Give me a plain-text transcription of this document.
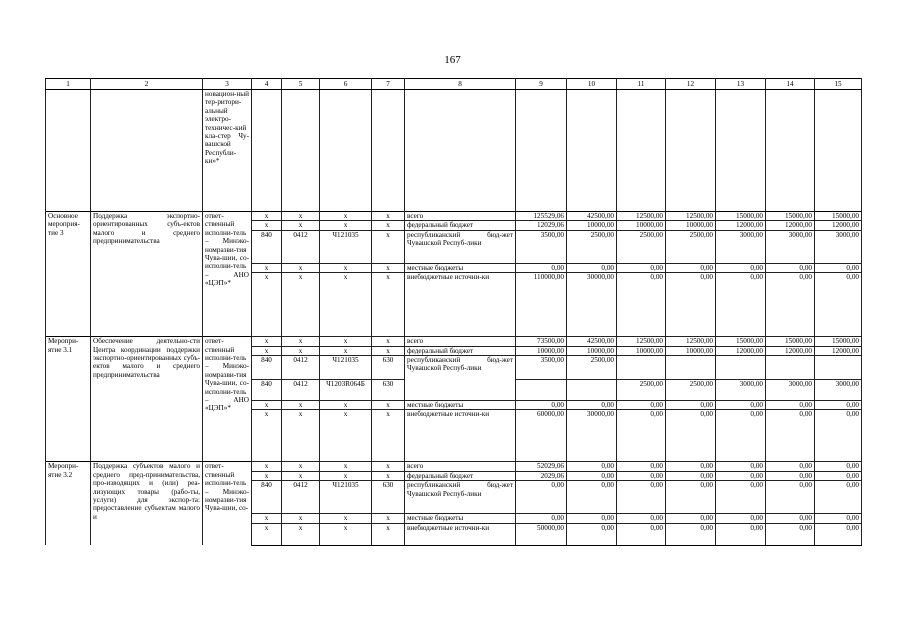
167
1	2	3	4	5	6	7	8	9	10	11	12	13	14	15
		новацион-ный тер-ритори-альный электро-техничес-кий кла-стер Чу-вашской Республи-ки»*												
Основное мероприя-тие 3	Поддержка экспортно-ориентированных субъ-ектов малого и среднего предпринимательства	ответ-ственный исполни-тель – Минэко-номразви-тия Чува-шии, со-исполни-тель – АНО «ЦЭП»*	х	х	х	х	всего	125529,06	42500,00	12500,00	12500,00	15000,00	15000,00	15000,00
			х	х	х	х	федеральный бюджет	12029,06	10000,00	10000,00	10000,00	12000,00	12000,00	12000,00
			840	0412	Ч121035	х	республиканский бюд-жет Чувашской Респуб-лики	3500,00	2500,00	2500,00	2500,00	3000,00	3000,00	3000,00
			х	х	х	х	местные бюджеты	0,00	0,00	0,00	0,00	0,00	0,00	0,00
			х	х	х	х	внебюджетные источни-ки	110000,00	30000,00	0,00	0,00	0,00	0,00	0,00
Меропри-ятие 3.1	Обеспечение деятельно-сти Центра координации поддержки экспортно-ориентированных субъ-ектов малого и среднего предпринимательства	ответ-ственный исполни-тель – Минэко-номразви-тия Чува-шии, со-исполни-тель – АНО «ЦЭП»*	х	х	х	х	всего	73500,00	42500,00	12500,00	12500,00	15000,00	15000,00	15000,00
			х	х	х	х	федеральный бюджет	10000,00	10000,00	10000,00	10000,00	12000,00	12000,00	12000,00
			840	0412	Ч121035	630	республиканский бюд-жет Чувашской Респуб-лики	3500,00	2500,00					
			840	0412	Ч1203R064Б	630				2500,00	2500,00	3000,00	3000,00	3000,00
			х	х	х	х	местные бюджеты	0,00	0,00	0,00	0,00	0,00	0,00	0,00
			х	х	х	х	внебюджетные источни-ки	60000,00	30000,00	0,00	0,00	0,00	0,00	0,00
Меропри-ятие 3.2	Поддержка субъектов малого и среднего пред-принимательства, про-изводящих и (или) реа-лизующих товары (рабо-ты, услуги) для экспор-та: предоставление субъектам малого и	ответ-ственный исполни-тель – Минэко-номразви-тия Чува-шии, со-	х	х	х	х	всего	52029,06	0,00	0,00	0,00	0,00	0,00	0,00
			х	х	х	х	федеральный бюджет	2029,06	0,00	0,00	0,00	0,00	0,00	0,00
			840	0412	Ч121035	630	республиканский бюд-жет Чувашской Респуб-лики	0,00	0,00	0,00	0,00	0,00	0,00	0,00
			х	х	х	х	местные бюджеты	0,00	0,00	0,00	0,00	0,00	0,00	0,00
			х	х	х	х	внебюджетные источни-ки	50000,00	0,00	0,00	0,00	0,00	0,00	0,00
